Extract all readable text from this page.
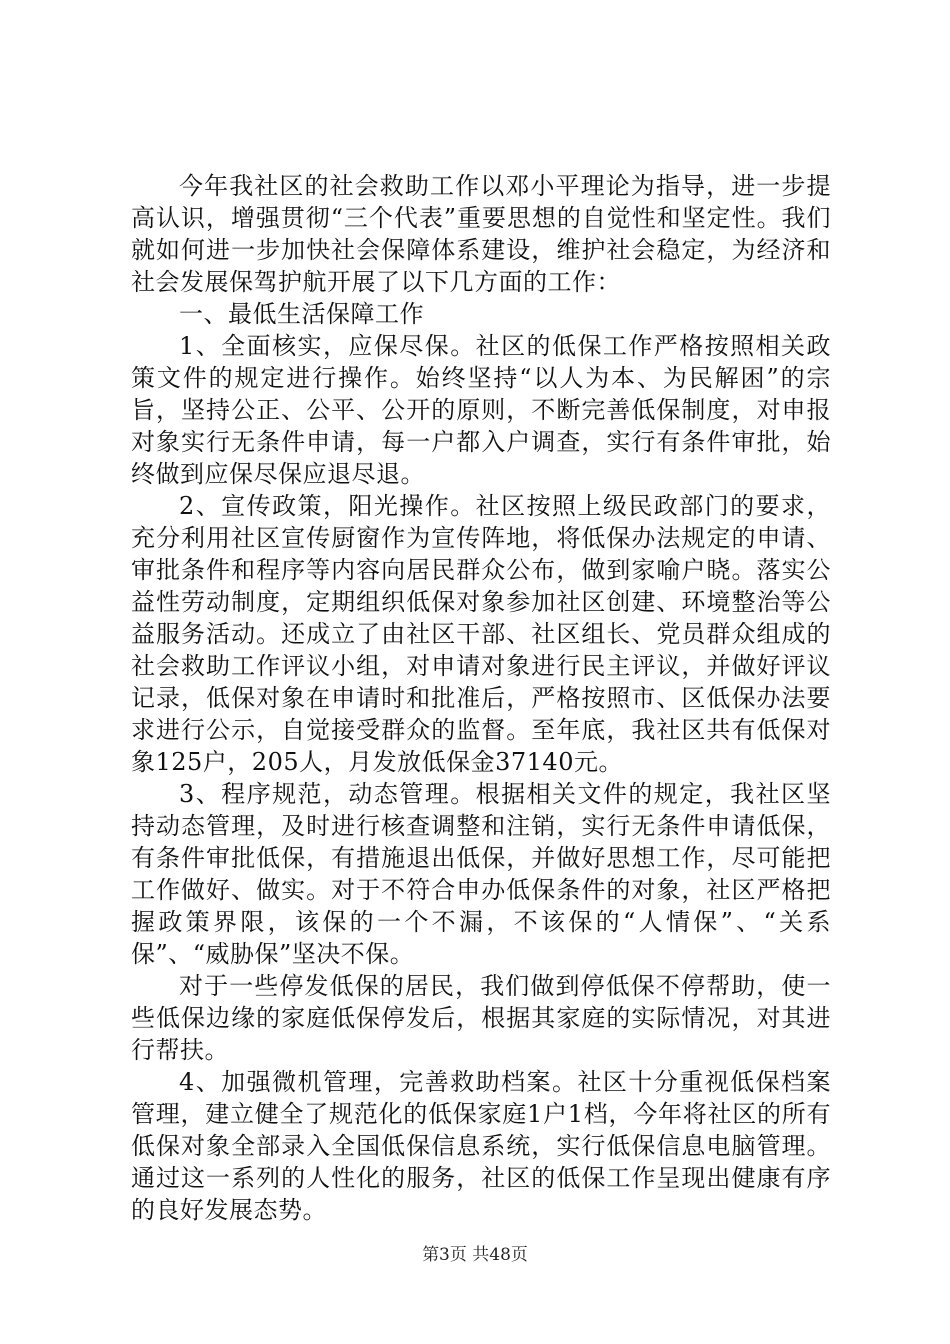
今年我社区的社会救助工作以邓小平理论为指导，进一步提高认识，增强贯彻“三个代表”重要思想的自觉性和坚定性。我们就如何进一步加快社会保障体系建设，维护社会稳定，为经济和社会发展保驾护航开展了以下几方面的工作：

一、最低生活保障工作

1、全面核实，应保尽保。社区的低保工作严格按照相关政策文件的规定进行操作。始终坚持“以人为本、为民解困”的宗旨，坚持公正、公平、公开的原则，不断完善低保制度，对申报对象实行无条件申请，每一户都入户调查，实行有条件审批，始终做到应保尽保应退尽退。

2、宣传政策，阳光操作。社区按照上级民政部门的要求，充分利用社区宣传厨窗作为宣传阵地，将低保办法规定的申请、审批条件和程序等内容向居民群众公布，做到家喻户晓。落实公益性劳动制度，定期组织低保对象参加社区创建、环境整治等公益服务活动。还成立了由社区干部、社区组长、党员群众组成的社会救助工作评议小组，对申请对象进行民主评议，并做好评议记录，低保对象在申请时和批准后，严格按照市、区低保办法要求进行公示，自觉接受群众的监督。至年底，我社区共有低保对象125户，205人，月发放低保金37140元。

3、程序规范，动态管理。根据相关文件的规定，我社区坚持动态管理，及时进行核查调整和注销，实行无条件申请低保，有条件审批低保，有措施退出低保，并做好思想工作，尽可能把工作做好、做实。对于不符合申办低保条件的对象，社区严格把握政策界限，该保的一个不漏，不该保的“人情保”、“关系保”、“威胁保”坚决不保。

对于一些停发低保的居民，我们做到停低保不停帮助，使一些低保边缘的家庭低保停发后，根据其家庭的实际情况，对其进行帮扶。

4、加强微机管理，完善救助档案。社区十分重视低保档案管理，建立健全了规范化的低保家庭1户1档，今年将社区的所有低保对象全部录入全国低保信息系统，实行低保信息电脑管理。通过这一系列的人性化的服务，社区的低保工作呈现出健康有序的良好发展态势。

第3页 共48页
